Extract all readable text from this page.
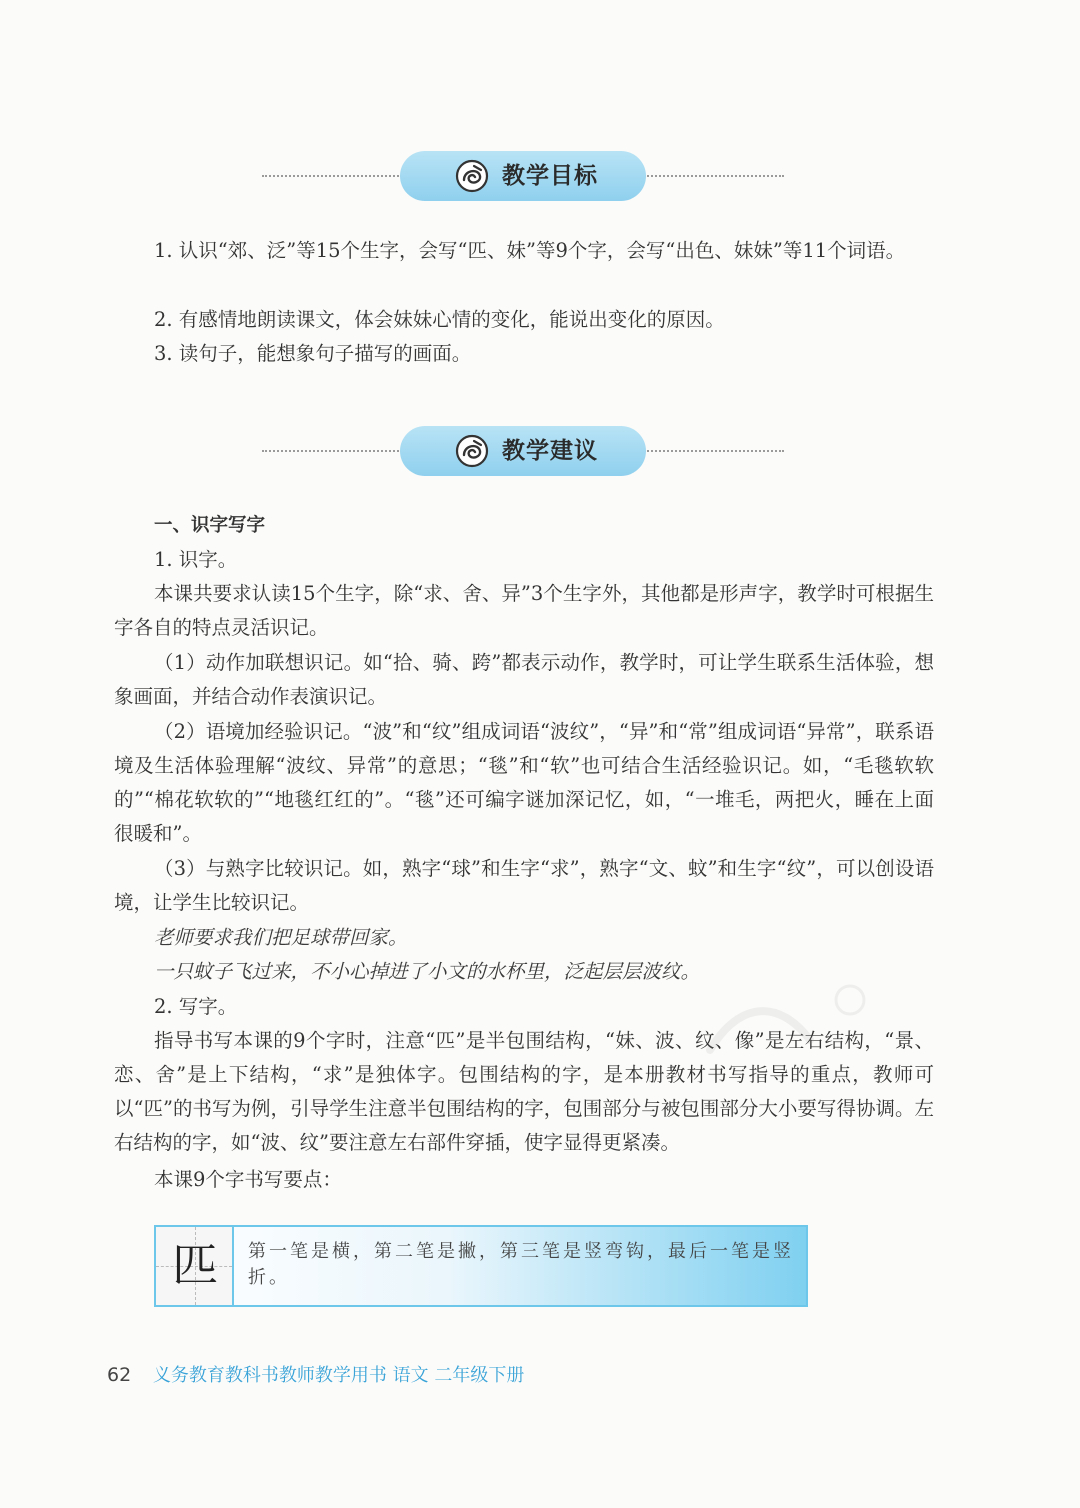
教学目标
1. 认识“郊、泛”等15个生字，会写“匹、妹”等9个字，会写“出色、妹妹”等11个词语。
2. 有感情地朗读课文，体会妹妹心情的变化，能说出变化的原因。
3. 读句子，能想象句子描写的画面。
教学建议
一、识字写字
1. 识字。
本课共要求认读15个生字，除“求、舍、异”3个生字外，其他都是形声字，教学时可根据生字各自的特点灵活识记。
（1）动作加联想识记。如“拾、骑、跨”都表示动作，教学时，可让学生联系生活体验，想象画面，并结合动作表演识记。
（2）语境加经验识记。“波”和“纹”组成词语“波纹”，“异”和“常”组成词语“异常”，联系语境及生活体验理解“波纹、异常”的意思；“毯”和“软”也可结合生活经验识记。如，“毛毯软软的”“棉花软软的”“地毯红红的”。“毯”还可编字谜加深记忆，如，“一堆毛，两把火，睡在上面很暖和”。
（3）与熟字比较识记。如，熟字“球”和生字“求”，熟字“文、蚊”和生字“纹”，可以创设语境，让学生比较识记。
老师要求我们把足球带回家。
一只蚊子飞过来，不小心掉进了小文的水杯里，泛起层层波纹。
2. 写字。
指导书写本课的9个字时，注意“匹”是半包围结构，“妹、波、纹、像”是左右结构，“景、恋、舍”是上下结构，“求”是独体字。包围结构的字，是本册教材书写指导的重点，教师可以“匹”的书写为例，引导学生注意半包围结构的字，包围部分与被包围部分大小要写得协调。左右结构的字，如“波、纹”要注意左右部件穿插，使字显得更紧凑。
本课9个字书写要点：
匹	第一笔是横，第二笔是撇，第三笔是竖弯钩，最后一笔是竖折。
62 义务教育教科书教师教学用书 语文 二年级下册
